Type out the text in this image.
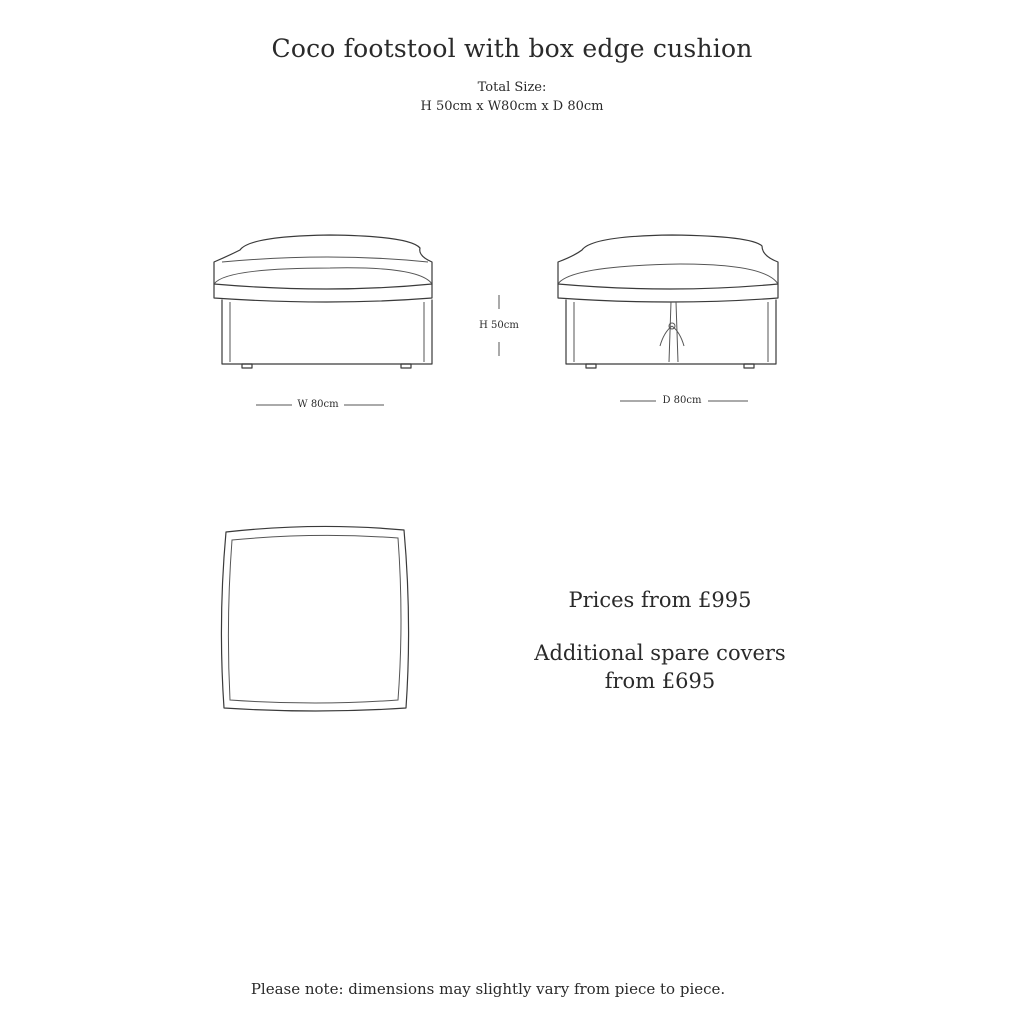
Coco footstool with box edge cushion
Total Size:
H 50cm x W80cm x D 80cm
H 50cm
W 80cm	D 80cm
Prices from £995
Additional spare covers
from £695
Please note: dimensions may slightly vary from piece to piece.
